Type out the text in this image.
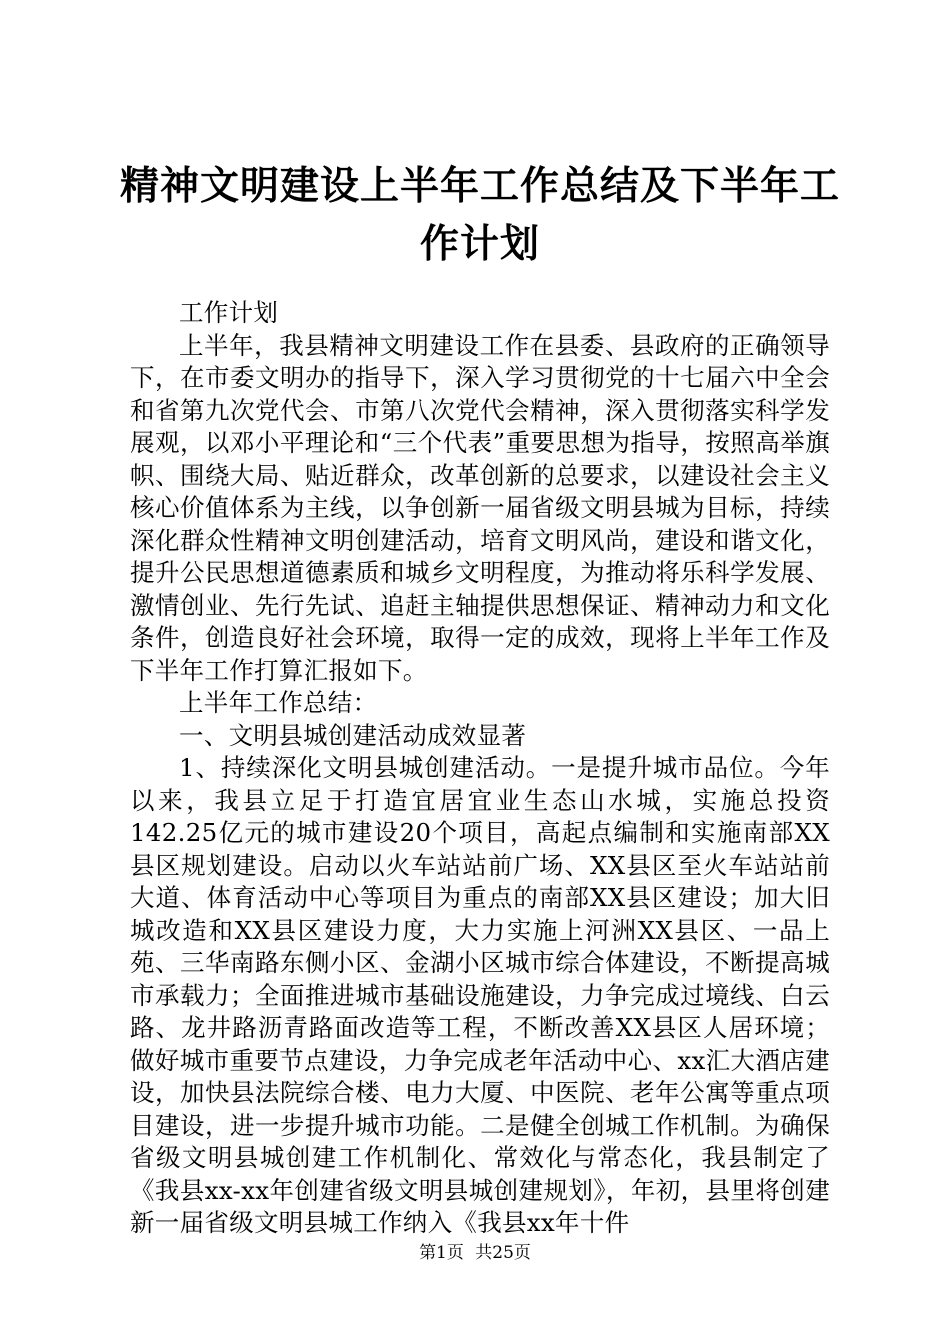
精神文明建设上半年工作总结及下半年工作计划

工作计划

上半年，我县精神文明建设工作在县委、县政府的正确领导下，在市委文明办的指导下，深入学习贯彻党的十七届六中全会和省第九次党代会、市第八次党代会精神，深入贯彻落实科学发展观，以邓小平理论和“三个代表”重要思想为指导，按照高举旗帜、围绕大局、贴近群众，改革创新的总要求，以建设社会主义核心价值体系为主线，以争创新一届省级文明县城为目标，持续深化群众性精神文明创建活动，培育文明风尚，建设和谐文化，提升公民思想道德素质和城乡文明程度，为推动将乐科学发展、激情创业、先行先试、追赶主轴提供思想保证、精神动力和文化条件，创造良好社会环境，取得一定的成效，现将上半年工作及下半年工作打算汇报如下。

上半年工作总结：

一、文明县城创建活动成效显著

1、持续深化文明县城创建活动。一是提升城市品位。今年以来，我县立足于打造宜居宜业生态山水城，实施总投资142.25亿元的城市建设20个项目，高起点编制和实施南部XX县区规划建设。启动以火车站站前广场、XX县区至火车站站前大道、体育活动中心等项目为重点的南部XX县区建设；加大旧城改造和XX县区建设力度，大力实施上河洲XX县区、一品上苑、三华南路东侧小区、金湖小区城市综合体建设，不断提高城市承载力；全面推进城市基础设施建设，力争完成过境线、白云路、龙井路沥青路面改造等工程，不断改善XX县区人居环境；做好城市重要节点建设，力争完成老年活动中心、xx汇大酒店建设，加快县法院综合楼、电力大厦、中医院、老年公寓等重点项目建设，进一步提升城市功能。二是健全创城工作机制。为确保省级文明县城创建工作机制化、常效化与常态化，我县制定了《我县xx-xx年创建省级文明县城创建规划》，年初，县里将创建新一届省级文明县城工作纳入《我县xx年十件

第1页 共25页
